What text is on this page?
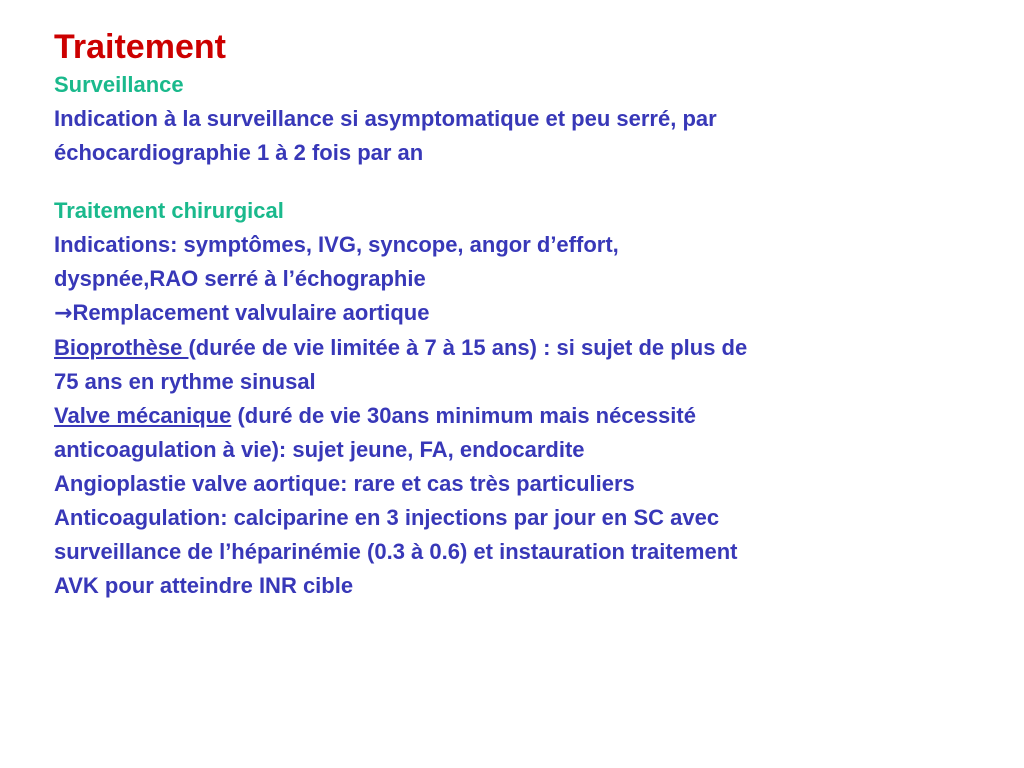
Traitement
Surveillance
Indication à la surveillance si asymptomatique et peu serré, par
échocardiographie 1 à 2 fois par an
Traitement chirurgical
Indications: symptômes, IVG, syncope, angor d’effort,
dyspnée,RAO serré à l’échographie
→Remplacement valvulaire aortique
Bioprothèse (durée de vie limitée à 7 à 15 ans) : si sujet de plus de
75 ans en rythme sinusal
Valve mécanique (duré de vie 30ans minimum mais nécessité
anticoagulation à vie): sujet jeune, FA, endocardite
Angioplastie valve aortique: rare et cas très particuliers
Anticoagulation: calciparine en 3 injections par jour en SC avec
surveillance de l’héparinémie (0.3 à 0.6) et instauration traitement
AVK pour atteindre INR cible
